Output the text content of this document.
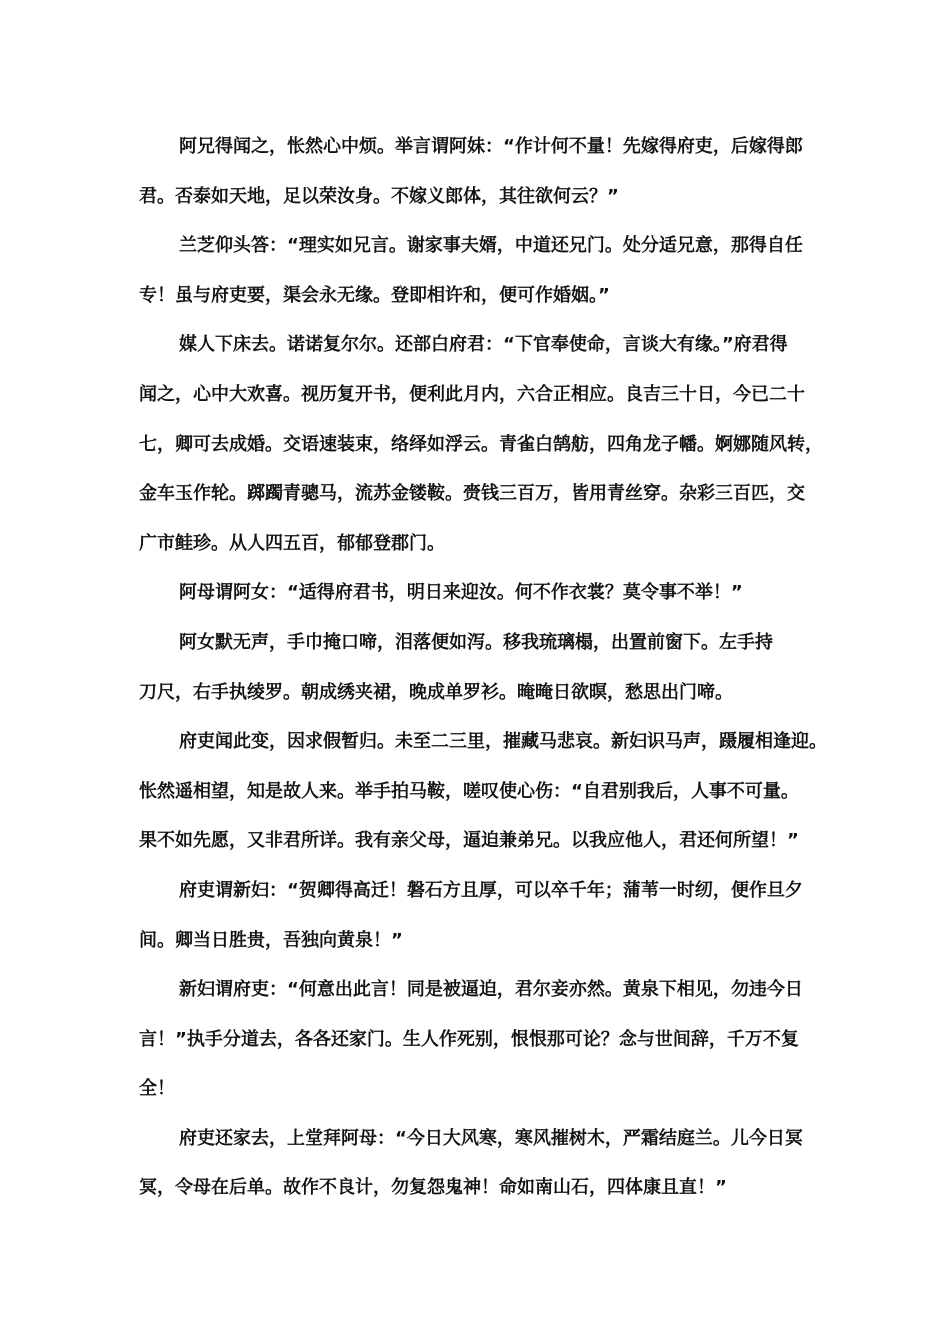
阿兄得闻之，怅然心中烦。举言谓阿妹：“作计何不量！先嫁得府吏，后嫁得郎
君。否泰如天地，足以荣汝身。不嫁义郎体，其往欲何云？”
兰芝仰头答：“理实如兄言。谢家事夫婿，中道还兄门。处分适兄意，那得自任
专！虽与府吏要，渠会永无缘。登即相许和，便可作婚姻。”
媒人下床去。诺诺复尔尔。还部白府君：“下官奉使命，言谈大有缘。”府君得
闻之，心中大欢喜。视历复开书，便利此月内，六合正相应。良吉三十日，今已二十
七，卿可去成婚。交语速装束，络绎如浮云。青雀白鹄舫，四角龙子幡。婀娜随风转，
金车玉作轮。踯躅青骢马，流苏金镂鞍。赍钱三百万，皆用青丝穿。杂彩三百匹，交
广市鲑珍。从人四五百，郁郁登郡门。
阿母谓阿女：“适得府君书，明日来迎汝。何不作衣裳？莫令事不举！”
阿女默无声，手巾掩口啼，泪落便如泻。移我琉璃榻，出置前窗下。左手持
刀尺，右手执绫罗。朝成绣夹裙，晚成单罗衫。晻晻日欲暝，愁思出门啼。
府吏闻此变，因求假暂归。未至二三里，摧藏马悲哀。新妇识马声，蹑履相逢迎。
怅然遥相望，知是故人来。举手拍马鞍，嗟叹使心伤：“自君别我后，人事不可量。
果不如先愿，又非君所详。我有亲父母，逼迫兼弟兄。以我应他人，君还何所望！”
府吏谓新妇：“贺卿得高迁！磐石方且厚，可以卒千年；蒲苇一时纫，便作旦夕
间。卿当日胜贵，吾独向黄泉！”
新妇谓府吏：“何意出此言！同是被逼迫，君尔妾亦然。黄泉下相见，勿违今日
言！”执手分道去，各各还家门。生人作死别，恨恨那可论？念与世间辞，千万不复
全！
府吏还家去，上堂拜阿母：“今日大风寒，寒风摧树木，严霜结庭兰。儿今日冥
冥，令母在后单。故作不良计，勿复怨鬼神！命如南山石，四体康且直！”
